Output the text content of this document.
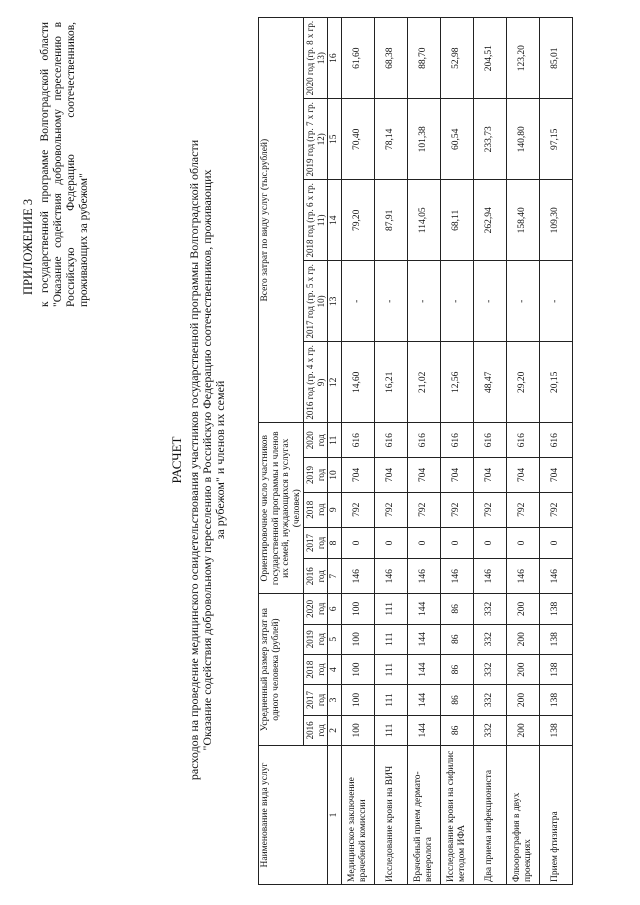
ПРИЛОЖЕНИЕ 3 к государственной программе Волгоградской области "Оказание содействия добровольному переселению в Российскую Федерацию соотечественников, проживающих за рубежом"
РАСЧЕТ расходов на проведение медицинского освидетельствования участников государственной программы Волгоградской области "Оказание содействия добровольному переселению в Российскую Федерацию соотечественников, проживающих за рубежом" и членов их семей
Наименование вида услуг	Усредненный размер затрат на одного человека (рублей)					Ориентировочное число участников государственной программы и членов их семей, нуждающихся в услугах (человек)					Всего затрат по виду услуг (тыс.рублей)				
	2016 год	2017 год	2018 год	2019 год	2020 год	2016 год	2017 год	2018 год	2019 год	2020 год	2016 год (гр. 4 х гр. 9)	2017 год (гр. 5 х гр. 10)	2018 год (гр. 6 х гр. 11)	2019 год (гр. 7 х гр. 12)	2020 год (гр. 8 х гр. 13)
1	2	3	4	5	6	7	8	9	10	11	12	13	14	15	16
Медицинское заключение врачебной комиссии	100	100	100	100	100	146	0	792	704	616	14,60	-	79,20	70,40	61,60
Исследование крови на ВИЧ	111	111	111	111	111	146	0	792	704	616	16,21	-	87,91	78,14	68,38
Врачебный прием дермато-венеролога	144	144	144	144	144	146	0	792	704	616	21,02	-	114,05	101,38	88,70
Исследование крови на сифилис методом ИФА	86	86	86	86	86	146	0	792	704	616	12,56	-	68,11	60,54	52,98
Два приема инфекциониста	332	332	332	332	332	146	0	792	704	616	48,47	-	262,94	233,73	204,51
Флюорография в двух проекциях	200	200	200	200	200	146	0	792	704	616	29,20	-	158,40	140,80	123,20
Прием фтизиатра	138	138	138	138	138	146	0	792	704	616	20,15	-	109,30	97,15	85,01
